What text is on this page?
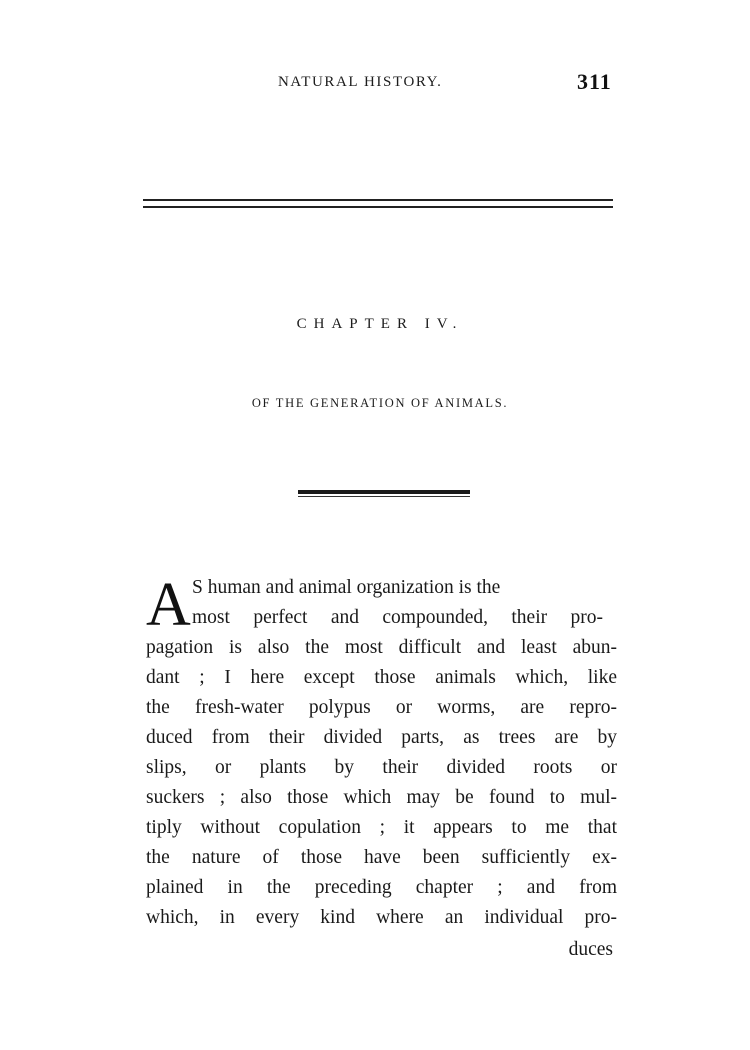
NATURAL HISTORY.	311
CHAPTER IV.
OF THE GENERATION OF ANIMALS.
A S human and animal organization is the
most perfect and compounded, their pro-
pagation is also the most difficult and least abun-
dant ; I here except those animals which, like
the fresh-water polypus or worms, are repro-
duced from their divided parts, as trees are by
slips, or plants by their divided roots or
suckers ; also those which may be found to mul-
tiply without copulation ; it appears to me that
the nature of those have been sufficiently ex-
plained in the preceding chapter ; and from
which, in every kind where an individual pro-
duces
